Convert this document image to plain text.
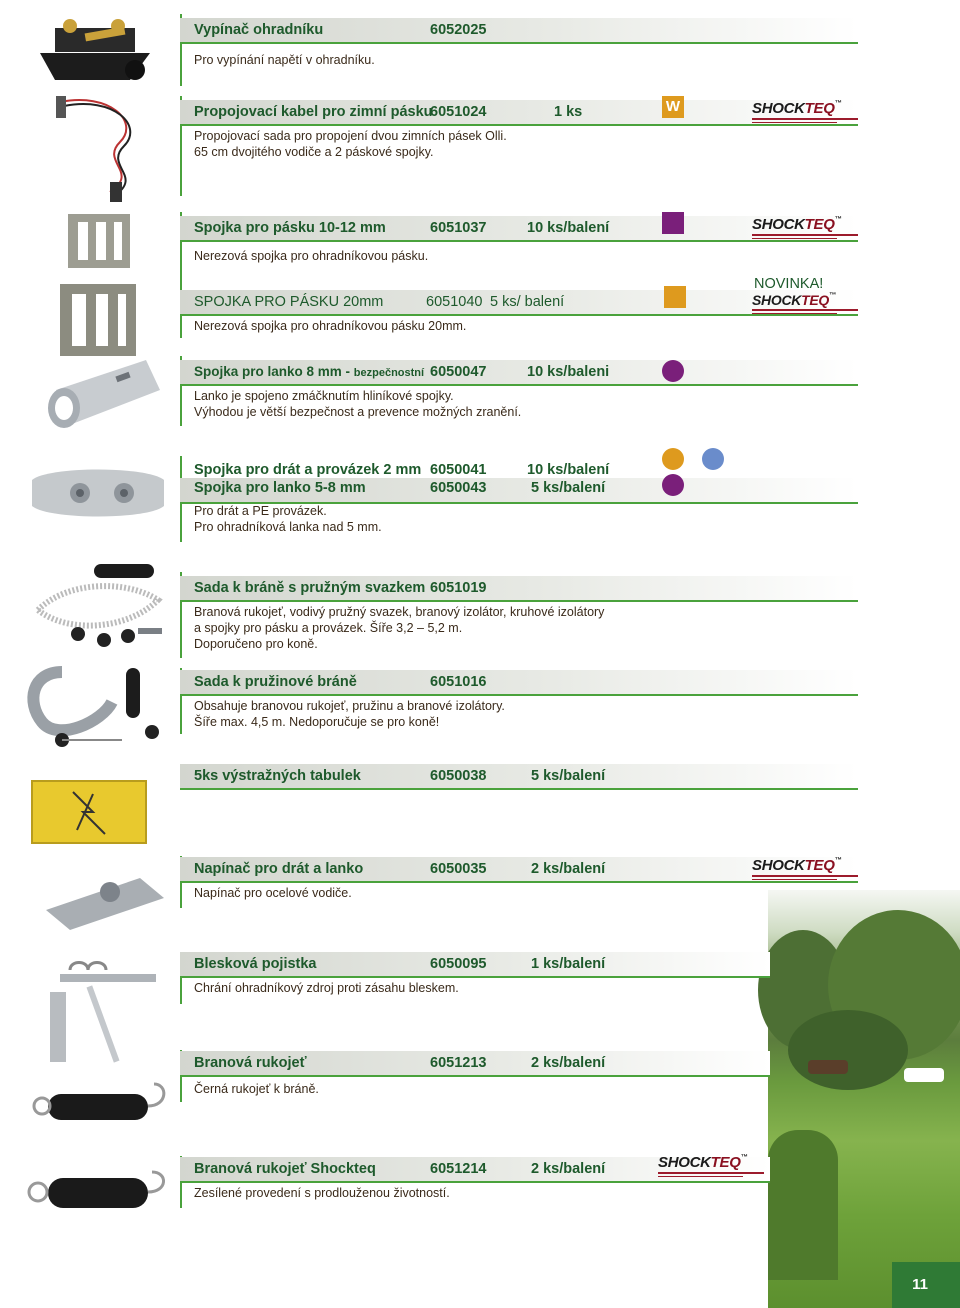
Vypínač ohradníku	6052025
Pro vypínání napětí v ohradníku.
Propojovací kabel pro zimní pásku
6051024	1 ks
Propojovací sada pro propojení dvou zimních pásek Olli.
65 cm dvojitého vodiče a 2 páskové spojky.
W	SHOCKTEQ™
Spojka pro pásku 10-12 mm	6051037	10 ks/balení
Nerezová spojka pro ohradníkovou pásku.
SHOCKTEQ™
SPOJKA PRO PÁSKU 20mm	6051040 5 ks/ balení
Nerezová spojka pro ohradníkovou pásku 20mm.
NOVINKA!
SHOCKTEQ™
Spojka pro lanko 8 mm - bezpečnostní 6050047	10 ks/baleni
Lanko je spojeno zmáčknutím hliníkové spojky.
Výhodou je větší bezpečnost a prevence možných zranění.
Spojka pro drát a provázek 2 mm 6050041	10 ks/balení
Spojka pro lanko 5-8 mm	6050043	5 ks/balení
Pro drát a PE provázek.
Pro ohradníková lanka nad 5 mm.
Sada k bráně s pružným svazkem 6051019
Branová rukojeť, vodivý pružný svazek, branový izolátor, kruhové izolátory
a spojky pro pásku a provázek. Šíře 3,2 – 5,2 m.
Doporučeno pro koně.
Sada k pružinové bráně	6051016
Obsahuje branovou rukojeť, pružinu a branové izolátory.
Šíře max. 4,5 m. Nedoporučuje se pro koně!
5ks výstražných tabulek	6050038	5 ks/balení
Napínač pro drát a lanko	6050035	2 ks/balení
Napínač pro ocelové vodiče.
SHOCKTEQ™
Blesková pojistka	6050095	1 ks/balení
Chrání ohradníkový zdroj proti zásahu bleskem.
Branová rukojeť	6051213	2 ks/balení
Černá rukojeť k bráně.
Branová rukojeť Shockteq	6051214	2 ks/balení
Zesílené provedení s prodlouženou životností.
SHOCKTEQ™
11
